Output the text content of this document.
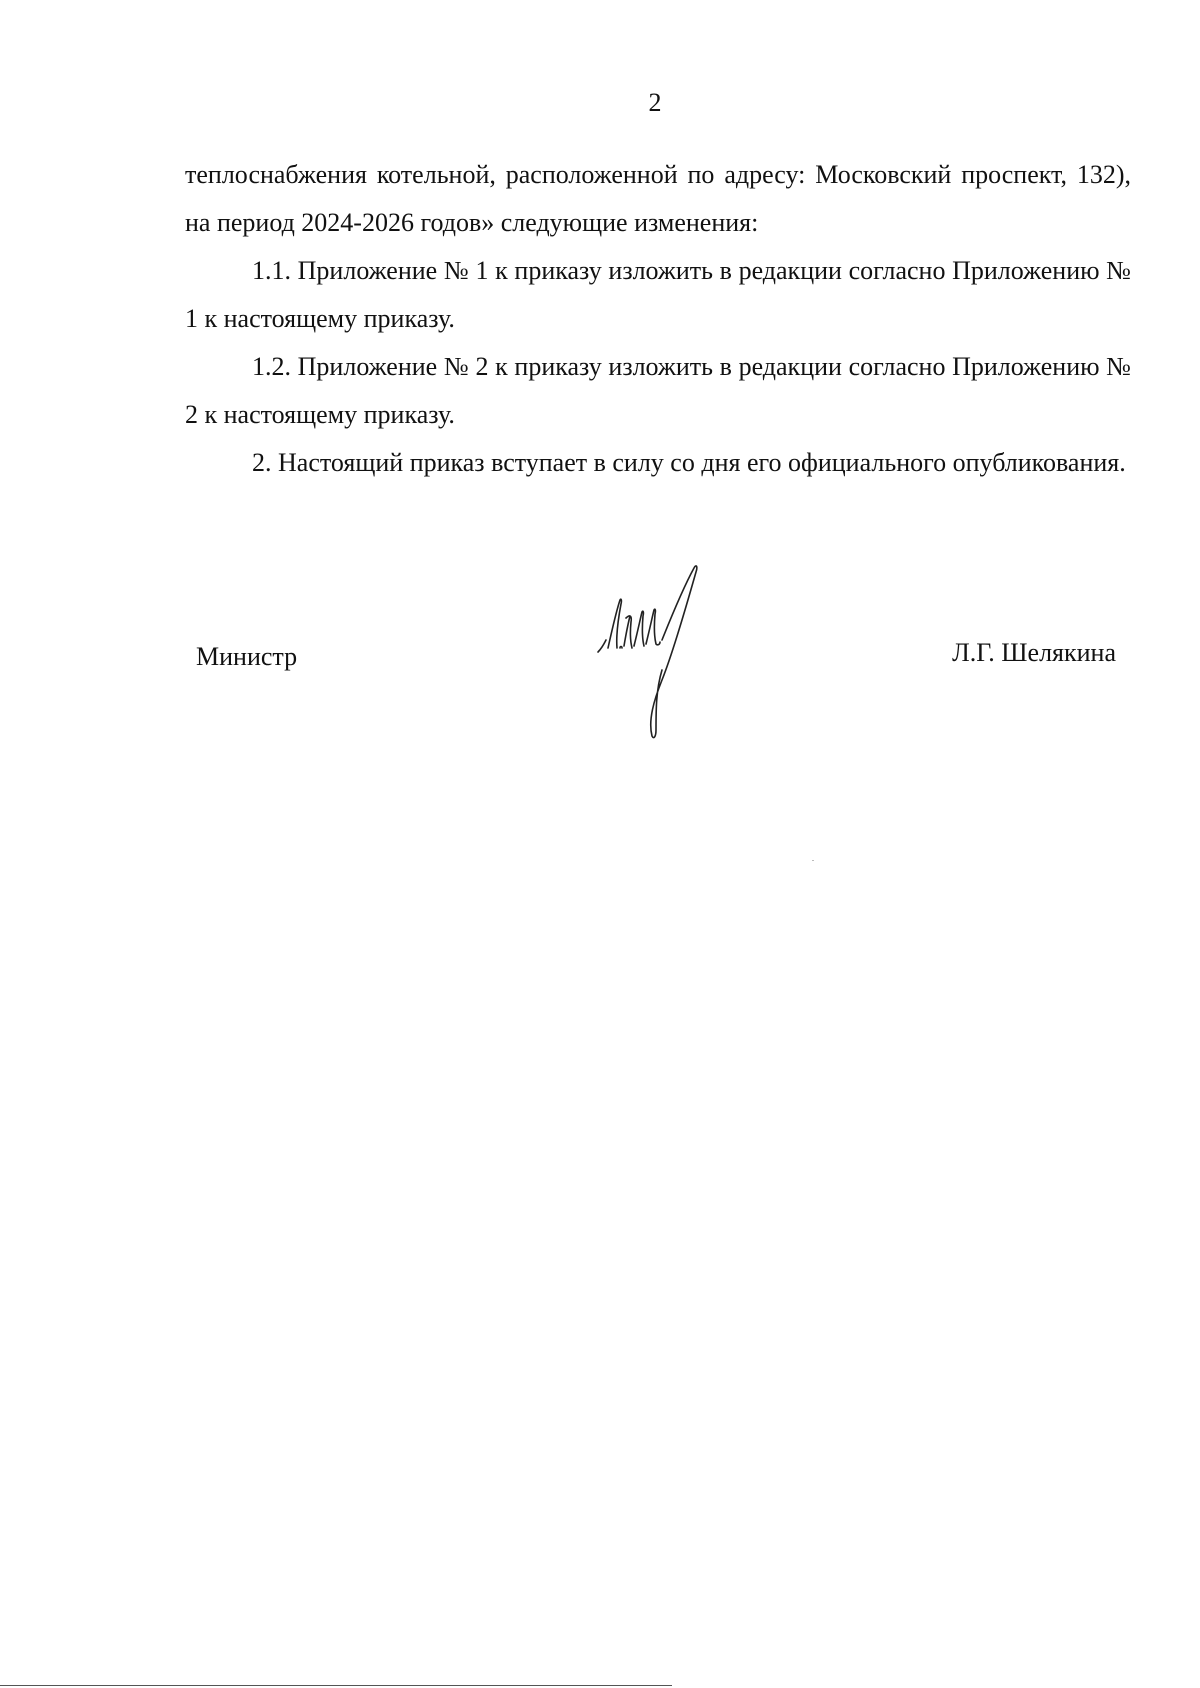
2

теплоснабжения котельной, расположенной по адресу: Московский проспект, 132), на период 2024-2026 годов» следующие изменения:

1.1. Приложение № 1 к приказу изложить в редакции согласно Приложению № 1 к настоящему приказу.

1.2. Приложение № 2 к приказу изложить в редакции согласно Приложению № 2 к настоящему приказу.

2. Настоящий приказ вступает в силу со дня его официального опубликования.

Министр	Л.Г. Шелякина
